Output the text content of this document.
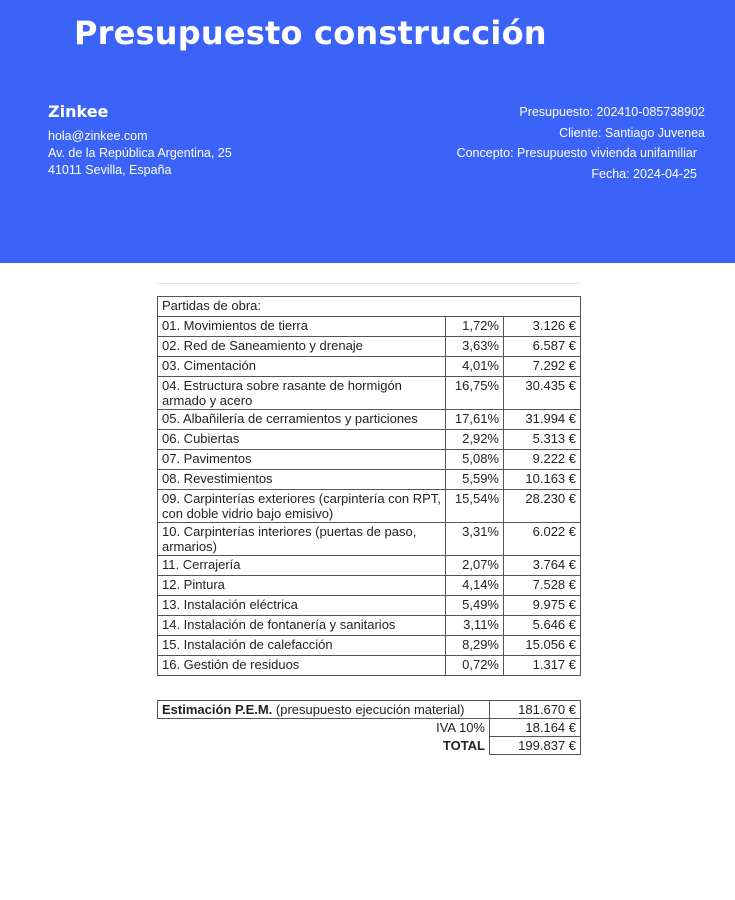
Presupuesto construcción
Zinkee
hola@zinkee.com
Av. de la República Argentina, 25
41011 Sevilla, España
Presupuesto: 202410-085738902
Cliente: Santiago Juvenea
Concepto: Presupuesto vivienda unifamiliar
Fecha: 2024-04-25
Partidas de obra:		
01. Movimientos de tierra	1,72%	3.126 €
02. Red de Saneamiento y drenaje	3,63%	6.587 €
03. Cimentación	4,01%	7.292 €
04. Estructura sobre rasante de hormigón armado y acero	16,75%	30.435 €
05. Albañilería de cerramientos y particiones	17,61%	31.994 €
06. Cubiertas	2,92%	5.313 €
07. Pavimentos	5,08%	9.222 €
08. Revestimientos	5,59%	10.163 €
09. Carpinterías exteriores (carpintería con RPT, con doble vidrio bajo emisivo)	15,54%	28.230 €
10. Carpinterías interiores (puertas de paso, armarios)	3,31%	6.022 €
11. Cerrajería	2,07%	3.764 €
12. Pintura	4,14%	7.528 €
13. Instalación eléctrica	5,49%	9.975 €
14. Instalación de fontanería y sanitarios	3,11%	5.646 €
15. Instalación de calefacción	8,29%	15.056 €
16. Gestión de residuos	0,72%	1.317 €
Estimación P.E.M. (presupuesto ejecución material)	181.670 €
IVA 10%	18.164 €
TOTAL	199.837 €
